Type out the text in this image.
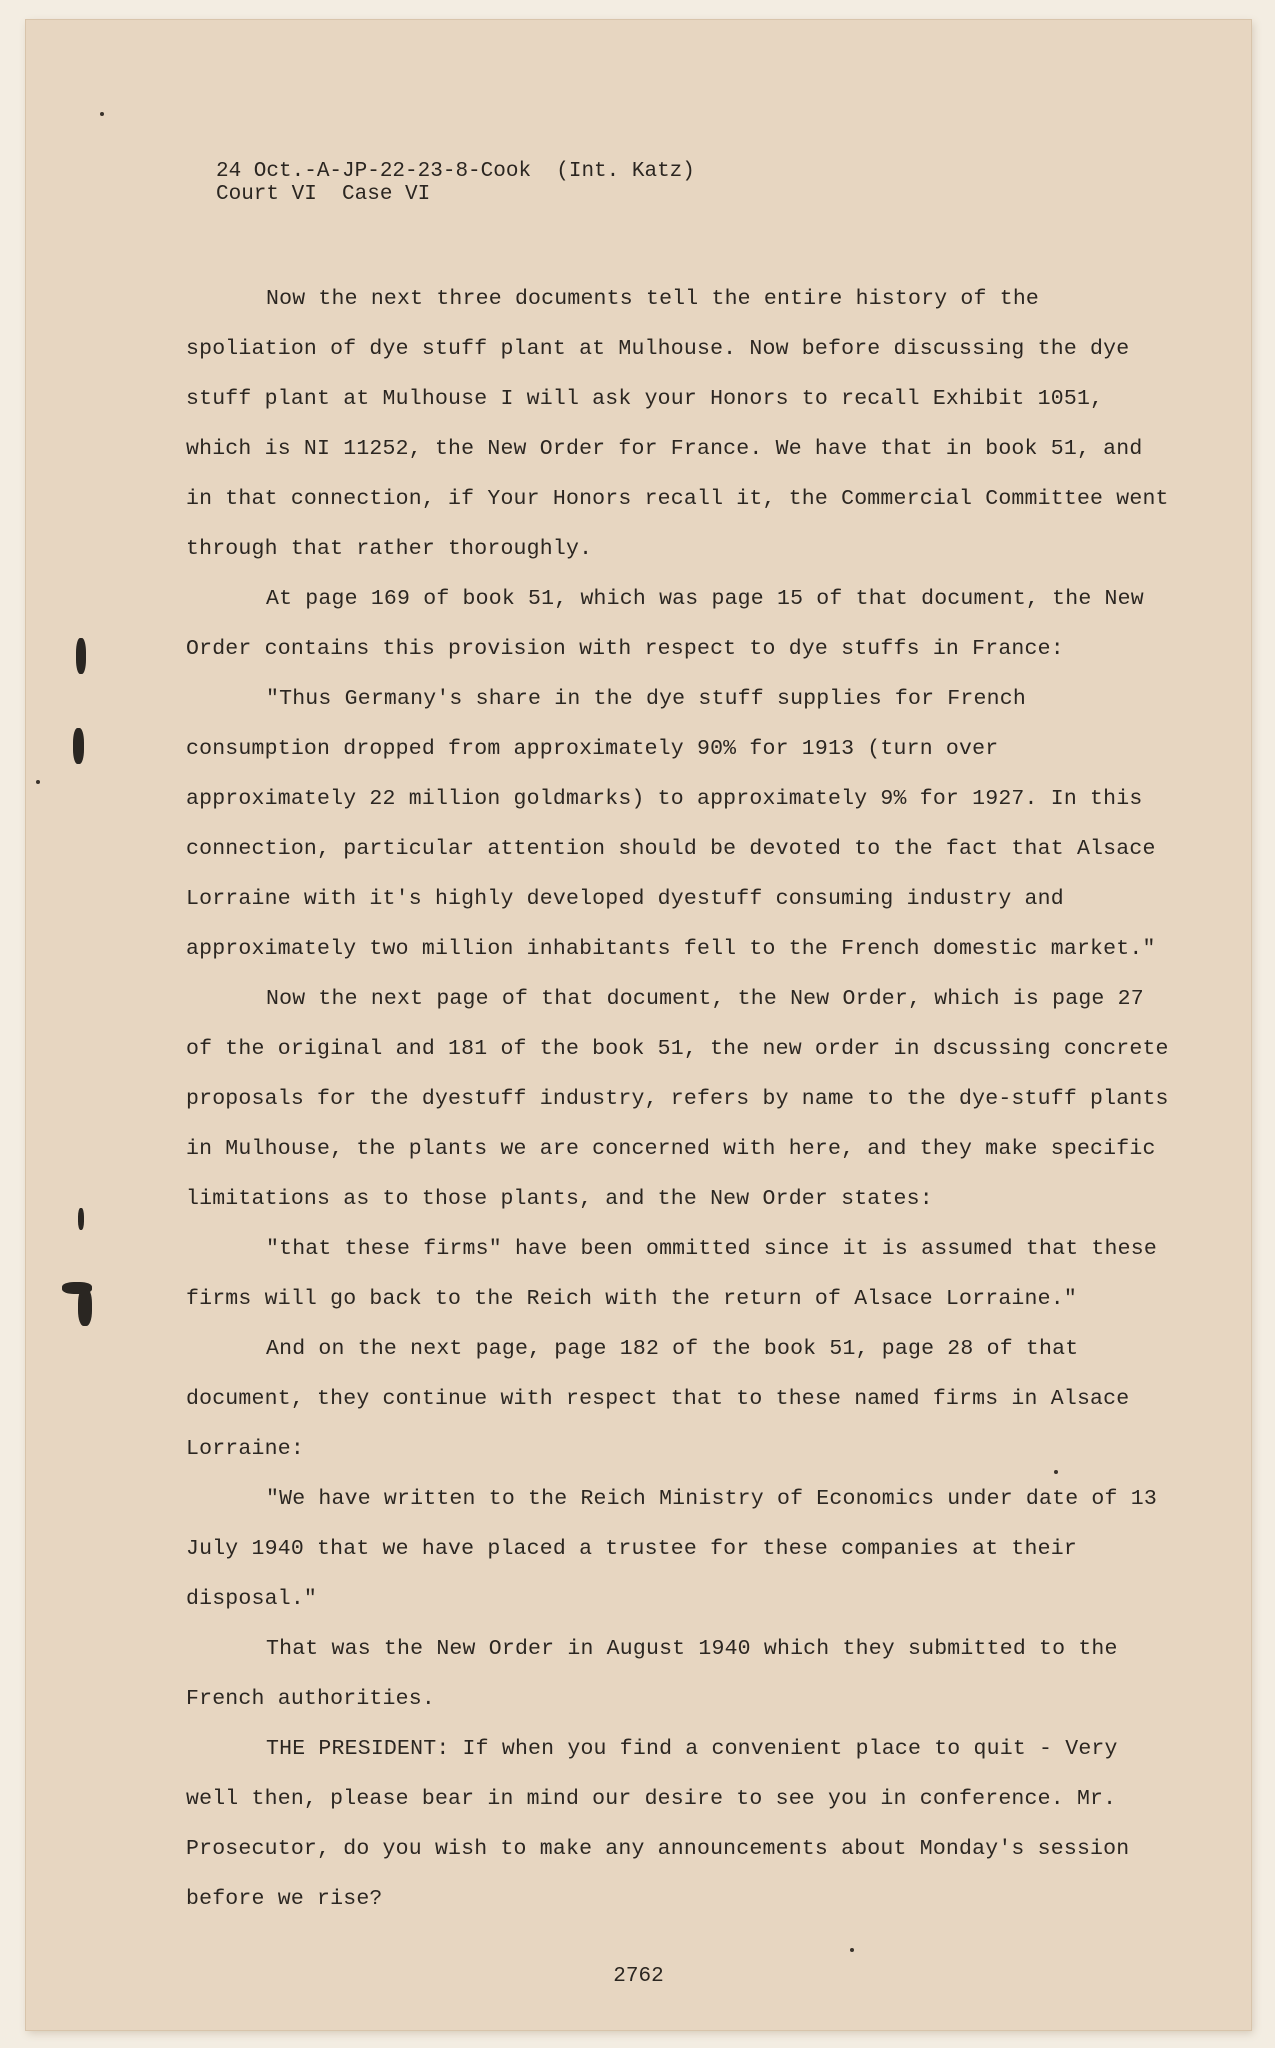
24 Oct.-A-JP-22-23-8-Cook  (Int. Katz)
Court VI  Case VI

Now the next three documents tell the entire history of the spoliation of dye stuff plant at Mulhouse. Now before discussing the dye stuff plant at Mulhouse I will ask your Honors to recall Exhibit 1051, which is NI 11252, the New Order for France. We have that in book 51, and in that connection, if Your Honors recall it, the Commercial Committee went through that rather thoroughly.

At page 169 of book 51, which was page 15 of that document, the New Order contains this provision with respect to dye stuffs in France:

"Thus Germany's share in the dye stuff supplies for French consumption dropped from approximately 90% for 1913 (turn over approximately 22 million goldmarks) to approximately 9% for 1927. In this connection, particular attention should be devoted to the fact that Alsace Lorraine with it's highly developed dyestuff consuming industry and approximately two million inhabitants fell to the French domestic market."

Now the next page of that document, the New Order, which is page 27 of the original and 181 of the book 51, the new order in dscussing concrete proposals for the dyestuff industry, refers by name to the dye-stuff plants in Mulhouse, the plants we are concerned with here, and they make specific limitations as to those plants, and the New Order states:

"that these firms" have been ommitted since it is assumed that these firms will go back to the Reich with the return of Alsace Lorraine."

And on the next page, page 182 of the book 51, page 28 of that document, they continue with respect that to these named firms in Alsace Lorraine:

"We have written to the Reich Ministry of Economics under date of 13 July 1940 that we have placed a trustee for these companies at their disposal."

That was the New Order in August 1940 which they submitted to the French authorities.

THE PRESIDENT: If when you find a convenient place to quit - Very well then, please bear in mind our desire to see you in conference. Mr. Prosecutor, do you wish to make any announcements about Monday's session before we rise?

2762
